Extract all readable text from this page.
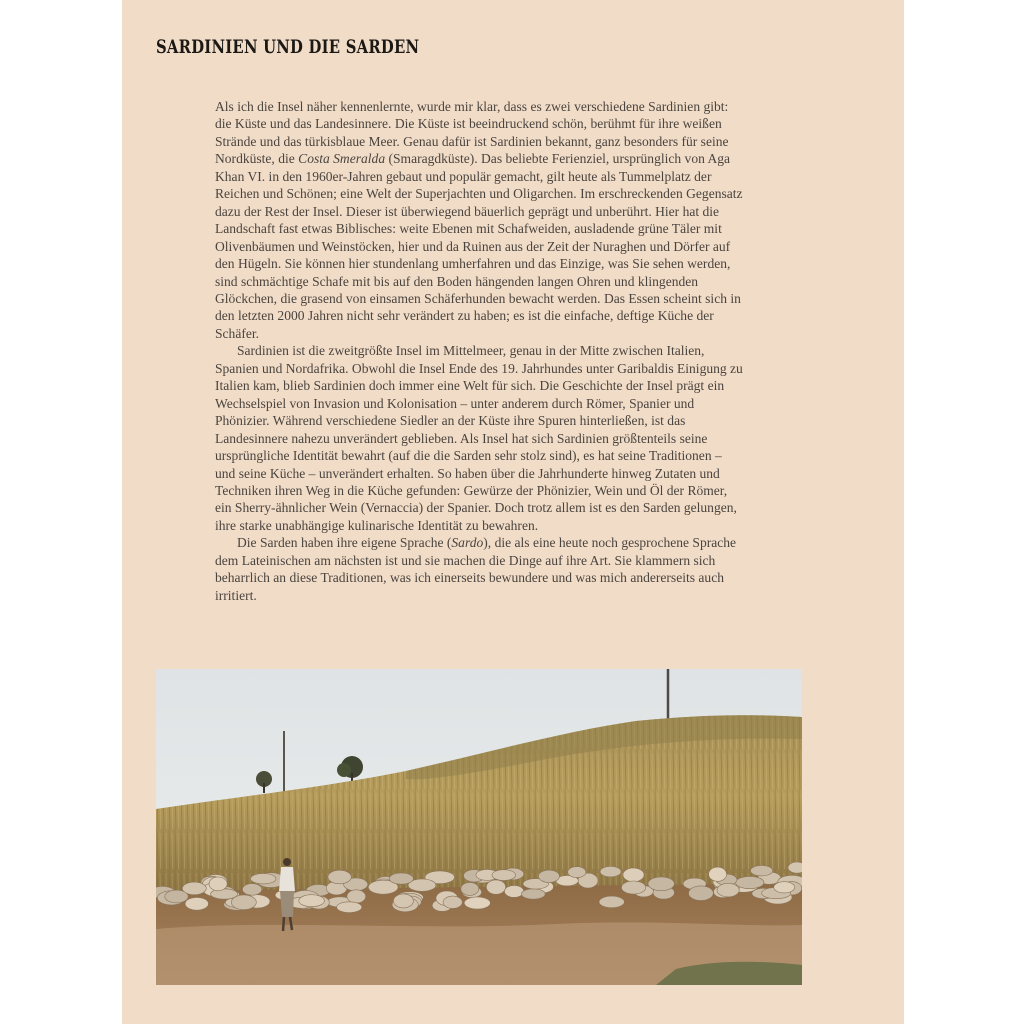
SARDINIEN UND DIE SARDEN

Als ich die Insel näher kennenlernte, wurde mir klar, dass es zwei verschiedene Sardinien gibt: die Küste und das Landesinnere. Die Küste ist beeindruckend schön, berühmt für ihre weißen Strände und das türkisblaue Meer. Genau dafür ist Sardinien bekannt, ganz besonders für seine Nordküste, die Costa Smeralda (Smaragdküste). Das beliebte Ferienziel, ursprünglich von Aga Khan VI. in den 1960er-Jahren gebaut und populär gemacht, gilt heute als Tummelplatz der Reichen und Schönen; eine Welt der Superjachten und Oligarchen. Im erschreckenden Gegensatz dazu der Rest der Insel. Dieser ist überwiegend bäuerlich geprägt und unberührt. Hier hat die Landschaft fast etwas Biblisches: weite Ebenen mit Schafweiden, ausladende grüne Täler mit Olivenbäumen und Weinstöcken, hier und da Ruinen aus der Zeit der Nuraghen und Dörfer auf den Hügeln. Sie können hier stundenlang umherfahren und das Einzige, was Sie sehen werden, sind schmächtige Schafe mit bis auf den Boden hängenden langen Ohren und klingenden Glöckchen, die grasend von einsamen Schäferhunden bewacht werden. Das Essen scheint sich in den letzten 2000 Jahren nicht sehr verändert zu haben; es ist die einfache, deftige Küche der Schäfer.

Sardinien ist die zweitgrößte Insel im Mittelmeer, genau in der Mitte zwischen Italien, Spanien und Nordafrika. Obwohl die Insel Ende des 19. Jahrhundes unter Garibaldis Einigung zu Italien kam, blieb Sardinien doch immer eine Welt für sich. Die Geschichte der Insel prägt ein Wechselspiel von Invasion und Kolonisation – unter anderem durch Römer, Spanier und Phönizier. Während verschiedene Siedler an der Küste ihre Spuren hinterließen, ist das Landesinnere nahezu unverändert geblieben. Als Insel hat sich Sardinien größtenteils seine ursprüngliche Identität bewahrt (auf die die Sarden sehr stolz sind), es hat seine Traditionen – und seine Küche – unverändert erhalten. So haben über die Jahrhunderte hinweg Zutaten und Techniken ihren Weg in die Küche gefunden: Gewürze der Phönizier, Wein und Öl der Römer, ein Sherry-ähnlicher Wein (Vernaccia) der Spanier. Doch trotz allem ist es den Sarden gelungen, ihre starke unabhängige kulinarische Identität zu bewahren.

Die Sarden haben ihre eigene Sprache (Sardo), die als eine heute noch gesprochene Sprache dem Lateinischen am nächsten ist und sie machen die Dinge auf ihre Art. Sie klammern sich beharrlich an diese Traditionen, was ich einerseits bewundere und was mich andererseits auch irritiert.
